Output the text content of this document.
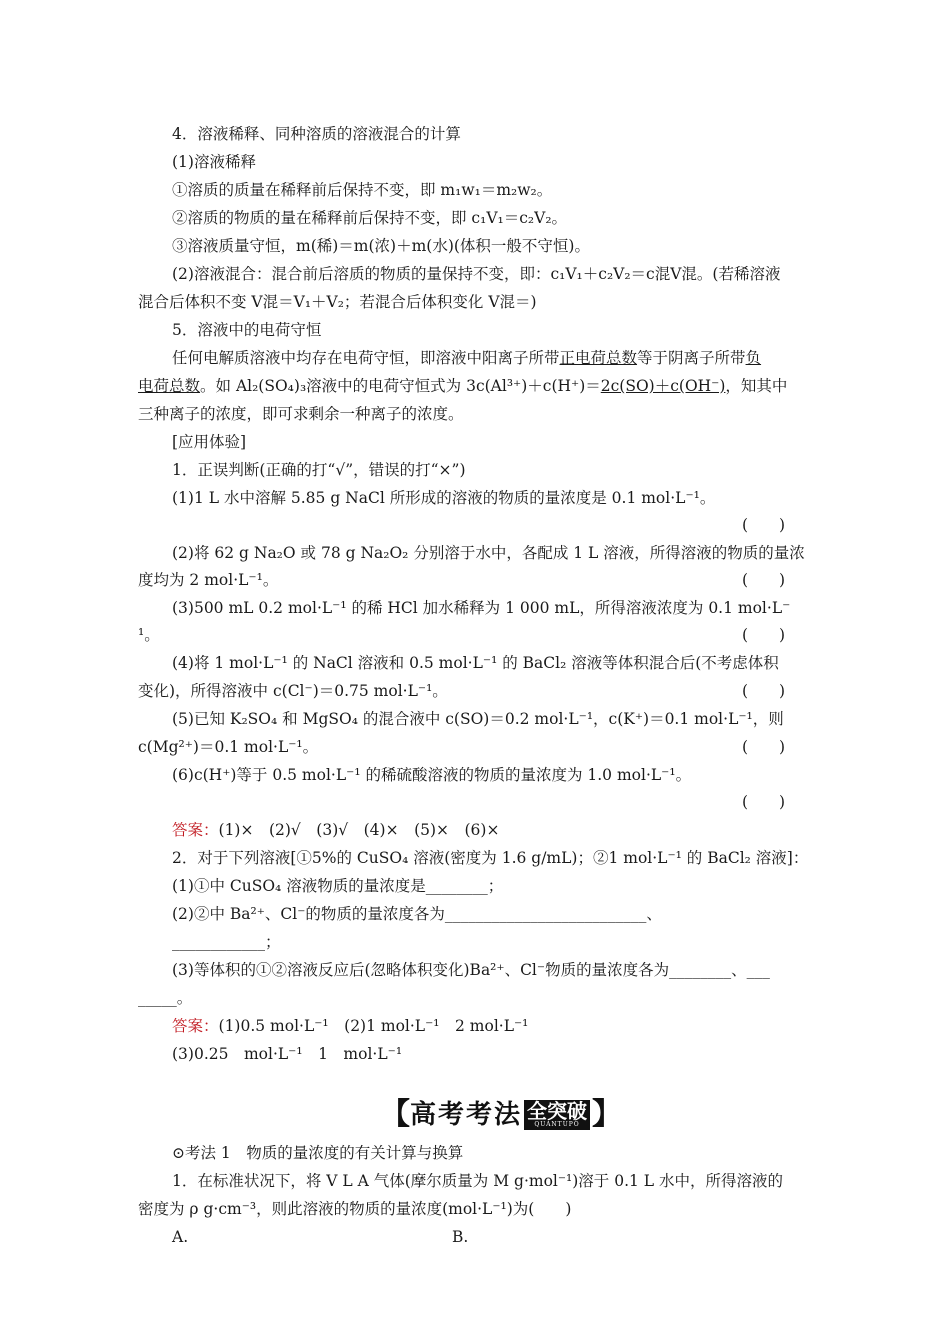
4．溶液稀释、同种溶质的溶液混合的计算
(1)溶液稀释
①溶质的质量在稀释前后保持不变，即 m₁w₁＝m₂w₂。
②溶质的物质的量在稀释前后保持不变，即 c₁V₁＝c₂V₂。
③溶液质量守恒，m(稀)＝m(浓)＋m(水)(体积一般不守恒)。
(2)溶液混合：混合前后溶质的物质的量保持不变，即：c₁V₁＋c₂V₂＝c混V混。(若稀溶液
混合后体积不变 V混＝V₁＋V₂；若混合后体积变化 V混＝)
5．溶液中的电荷守恒
任何电解质溶液中均存在电荷守恒，即溶液中阳离子所带正电荷总数等于阴离子所带负
电荷总数。如 Al₂(SO₄)₃溶液中的电荷守恒式为 3c(Al³⁺)＋c(H⁺)＝2c(SO)＋c(OH⁻)，知其中
三种离子的浓度，即可求剩余一种离子的浓度。
[应用体验]
1．正误判断(正确的打“√”，错误的打“×”)
(1)1 L 水中溶解 5.85 g NaCl 所形成的溶液的物质的量浓度是 0.1 mol·L⁻¹。
(　　)
(2)将 62 g Na₂O 或 78 g Na₂O₂ 分别溶于水中，各配成 1 L 溶液，所得溶液的物质的量浓
度均为 2 mol·L⁻¹。	(　　)
(3)500 mL 0.2 mol·L⁻¹ 的稀 HCl 加水稀释为 1 000 mL，所得溶液浓度为 0.1 mol·L⁻
¹。	(　　)
(4)将 1 mol·L⁻¹ 的 NaCl 溶液和 0.5 mol·L⁻¹ 的 BaCl₂ 溶液等体积混合后(不考虑体积
变化)，所得溶液中 c(Cl⁻)＝0.75 mol·L⁻¹。	(　　)
(5)已知 K₂SO₄ 和 MgSO₄ 的混合液中 c(SO)＝0.2 mol·L⁻¹，c(K⁺)＝0.1 mol·L⁻¹，则
c(Mg²⁺)＝0.1 mol·L⁻¹。	(　　)
(6)c(H⁺)等于 0.5 mol·L⁻¹ 的稀硫酸溶液的物质的量浓度为 1.0 mol·L⁻¹。
(　　)
答案：(1)×　(2)√　(3)√　(4)×　(5)×　(6)×
2．对于下列溶液[①5%的 CuSO₄ 溶液(密度为 1.6 g/mL)；②1 mol·L⁻¹ 的 BaCl₂ 溶液]：
(1)①中 CuSO₄ 溶液物质的量浓度是________；
(2)②中 Ba²⁺、Cl⁻的物质的量浓度各为__________________________、
____________；
(3)等体积的①②溶液反应后(忽略体积变化)Ba²⁺、Cl⁻物质的量浓度各为________、___
_____。
答案：(1)0.5 mol·L⁻¹　(2)1 mol·L⁻¹　2 mol·L⁻¹
(3)0.25　mol·L⁻¹　1　mol·L⁻¹
【 高考考法 全突破
QUANTUPO 】
⊙考法 1　物质的量浓度的有关计算与换算
1．在标准状况下，将 V L A 气体(摩尔质量为 M g·mol⁻¹)溶于 0.1 L 水中，所得溶液的
密度为 ρ g·cm⁻³，则此溶液的物质的量浓度(mol·L⁻¹)为(　　)
A.	B.
